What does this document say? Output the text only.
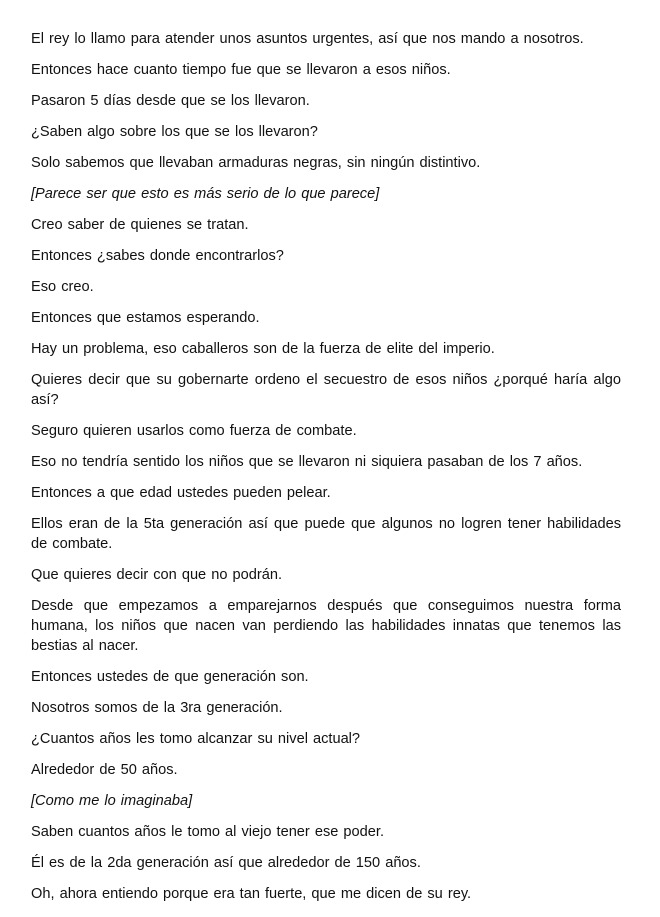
El rey lo llamo para atender unos asuntos urgentes, así que nos mando a nosotros.

Entonces hace cuanto tiempo fue que se llevaron a esos niños.

Pasaron 5 días desde que se los llevaron.

¿Saben algo sobre los que se los llevaron?

Solo sabemos que llevaban armaduras negras, sin ningún distintivo.

[Parece ser que esto es más serio de lo que parece]

Creo saber de quienes se tratan.

Entonces ¿sabes donde encontrarlos?

Eso creo.

Entonces que estamos esperando.

Hay un problema, eso caballeros son de la fuerza de elite del imperio.

Quieres decir que su gobernarte ordeno el secuestro de esos niños ¿porqué haría algo así?

Seguro quieren usarlos como fuerza de combate.

Eso no tendría sentido los niños que se llevaron ni siquiera pasaban de los 7 años.

Entonces a que edad ustedes pueden pelear.

Ellos eran de la 5ta generación así que puede que algunos no logren tener habilidades de combate.

Que quieres decir con que no podrán.

Desde que empezamos a emparejarnos después que conseguimos nuestra forma humana, los niños que nacen van perdiendo las habilidades innatas que tenemos las bestias al nacer.

Entonces ustedes de que generación son.

Nosotros somos de la 3ra generación.

¿Cuantos años les tomo alcanzar su nivel actual?

Alrededor de 50 años.

[Como me lo imaginaba]

Saben cuantos años le tomo al viejo tener ese poder.

Él es de la 2da generación así que alrededor de 150 años.

Oh, ahora entiendo porque era tan fuerte, que me dicen de su rey.
